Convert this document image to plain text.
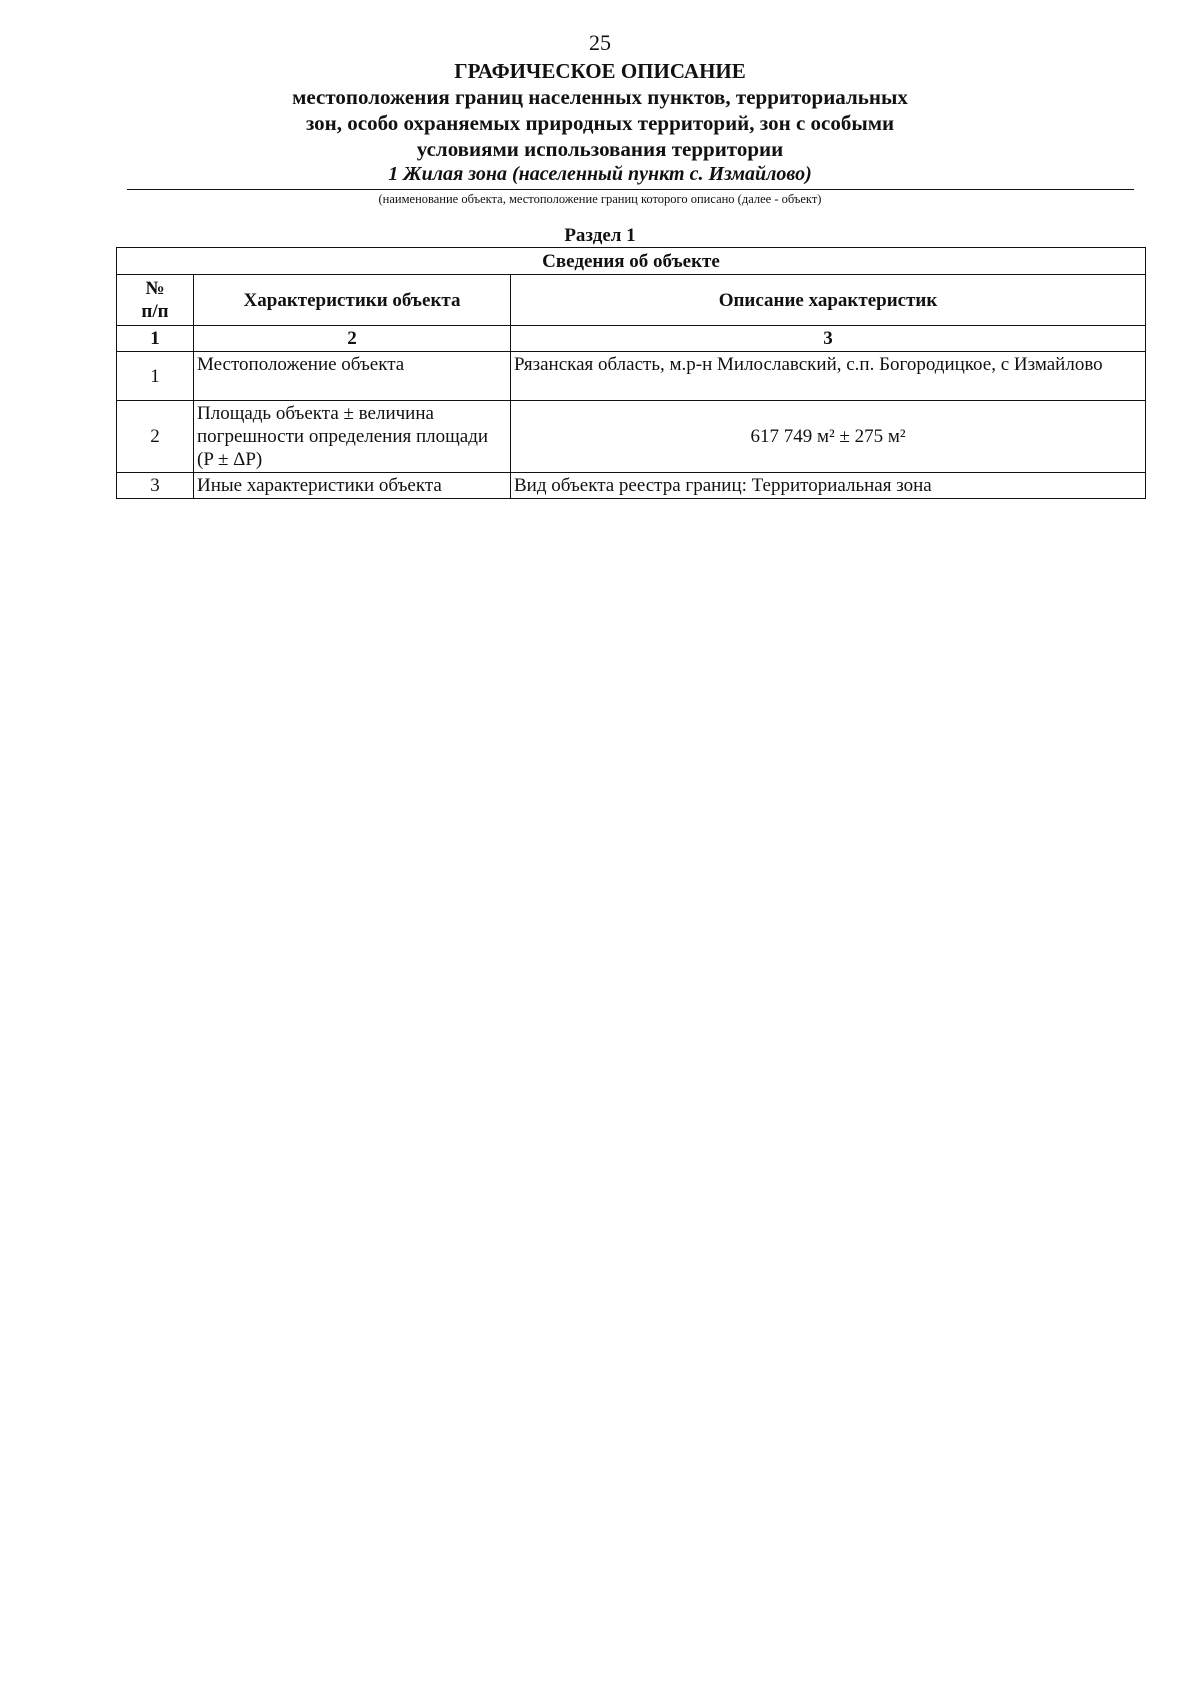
25
ГРАФИЧЕСКОЕ ОПИСАНИЕ
местоположения границ населенных пунктов, территориальных
зон, особо охраняемых природных территорий, зон с особыми
условиями использования территории
1 Жилая зона (населенный пункт с. Измайлово)
(наименование объекта, местоположение границ которого описано (далее - объект)
Раздел 1
Сведения об объекте		

№
п/п	Характеристики объекта	Описание характеристик
1	2	3
1	Местоположение объекта	Рязанская область, м.р-н Милославский, с.п. Богородицкое, с Измайлово
2	Площадь объекта ± величина погрешности определения площади (P ± ΔP)	617 749 м² ± 275 м²
3	Иные характеристики объекта	Вид объекта реестра границ: Территориальная зона
